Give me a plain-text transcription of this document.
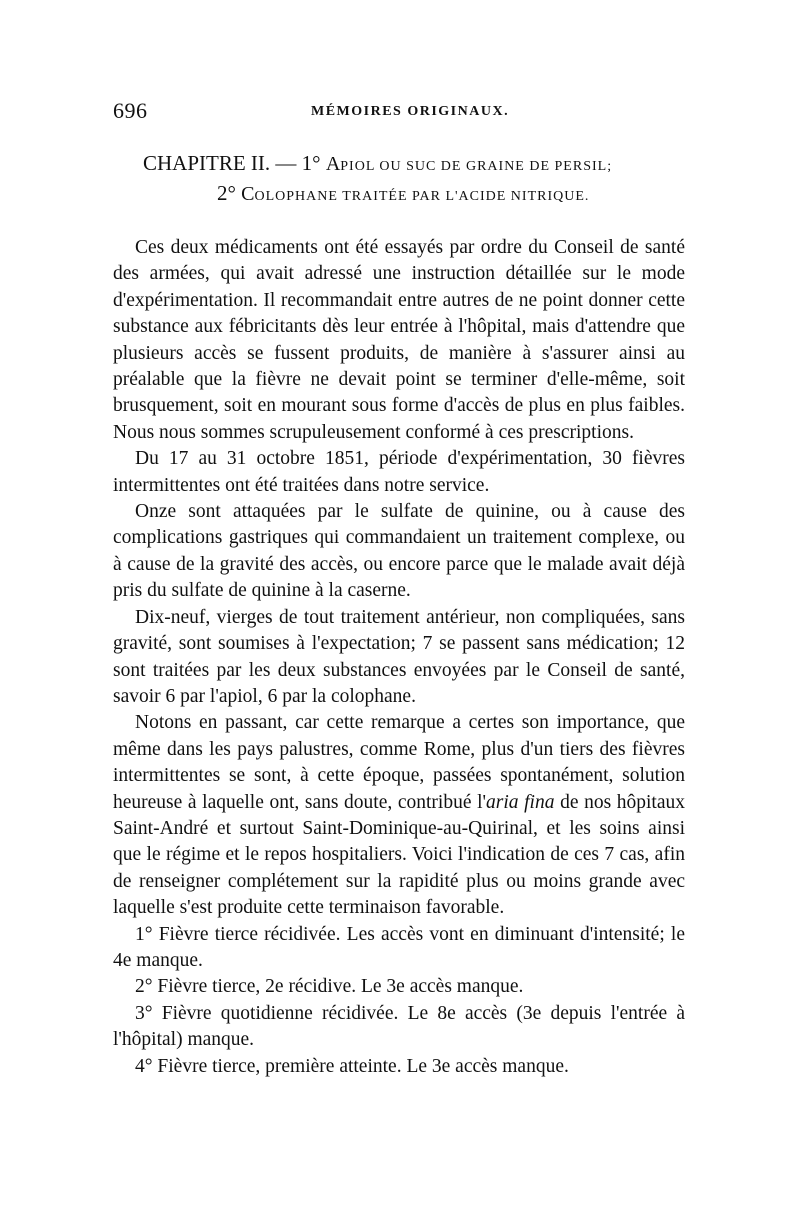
696	MÉMOIRES ORIGINAUX.
CHAPITRE II. — 1° APIOL OU SUC DE GRAINE DE PERSIL;
2° COLOPHANE TRAITÉE PAR L'ACIDE NITRIQUE.

Ces deux médicaments ont été essayés par ordre du Conseil de santé des armées, qui avait adressé une instruction détaillée sur le mode d'expérimentation. Il recommandait entre autres de ne point donner cette substance aux fébricitants dès leur entrée à l'hôpital, mais d'attendre que plusieurs accès se fussent produits, de manière à s'assurer ainsi au préalable que la fièvre ne devait point se terminer d'elle-même, soit brusquement, soit en mourant sous forme d'accès de plus en plus faibles. Nous nous sommes scrupuleusement conformé à ces prescriptions.

Du 17 au 31 octobre 1851, période d'expérimentation, 30 fièvres intermittentes ont été traitées dans notre service.

Onze sont attaquées par le sulfate de quinine, ou à cause des complications gastriques qui commandaient un traitement complexe, ou à cause de la gravité des accès, ou encore parce que le malade avait déjà pris du sulfate de quinine à la caserne.

Dix-neuf, vierges de tout traitement antérieur, non compliquées, sans gravité, sont soumises à l'expectation; 7 se passent sans médication; 12 sont traitées par les deux substances envoyées par le Conseil de santé, savoir 6 par l'apiol, 6 par la colophane.

Notons en passant, car cette remarque a certes son importance, que même dans les pays palustres, comme Rome, plus d'un tiers des fièvres intermittentes se sont, à cette époque, passées spontanément, solution heureuse à laquelle ont, sans doute, contribué l'aria fina de nos hôpitaux Saint-André et surtout Saint-Dominique-au-Quirinal, et les soins ainsi que le régime et le repos hospitaliers. Voici l'indication de ces 7 cas, afin de renseigner complétement sur la rapidité plus ou moins grande avec laquelle s'est produite cette terminaison favorable.

1° Fièvre tierce récidivée. Les accès vont en diminuant d'intensité; le 4e manque.

2° Fièvre tierce, 2e récidive. Le 3e accès manque.

3° Fièvre quotidienne récidivée. Le 8e accès (3e depuis l'entrée à l'hôpital) manque.

4° Fièvre tierce, première atteinte. Le 3e accès manque.
